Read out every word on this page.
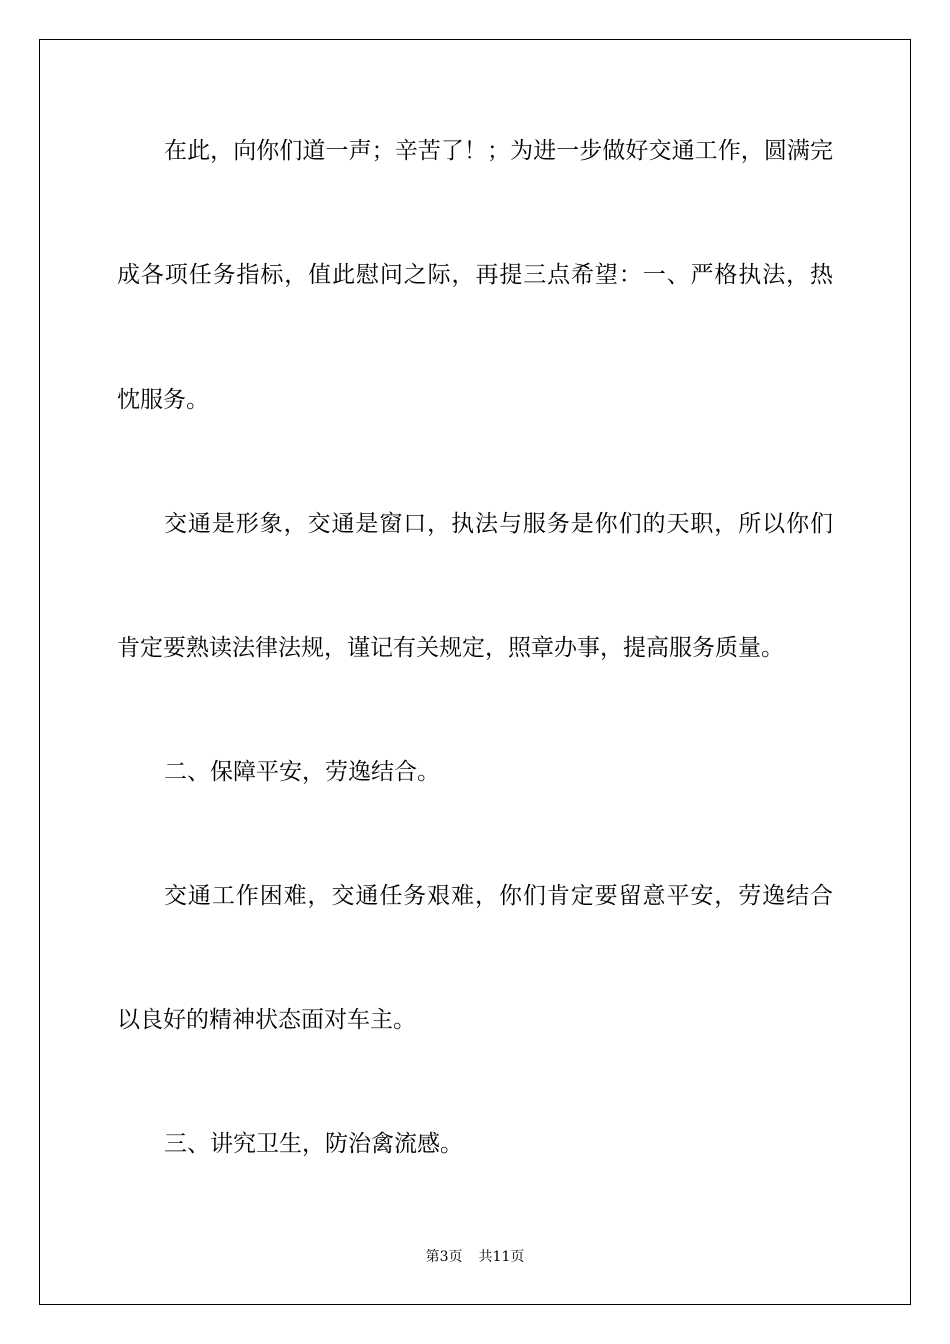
在此，向你们道一声；辛苦了！；为进一步做好交通工作，圆满完
成各项任务指标，值此慰问之际，再提三点希望：一、严格执法，热
忱服务。
交通是形象，交通是窗口，执法与服务是你们的天职，所以你们
肯定要熟读法律法规，谨记有关规定，照章办事，提高服务质量。
二、保障平安，劳逸结合。
交通工作困难，交通任务艰难，你们肯定要留意平安，劳逸结合
以良好的精神状态面对车主。
三、讲究卫生，防治禽流感。
第3页 共11页
